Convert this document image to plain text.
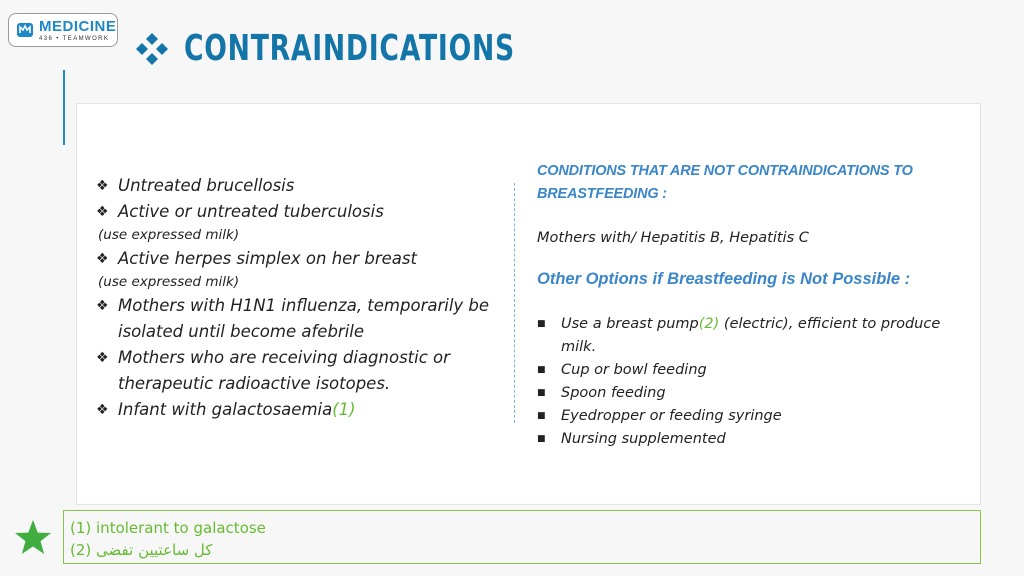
MEDICINE
436 • TEAMWORK CONTRAINDICATIONS
❖ Untreated brucellosis
❖ Active or untreated tuberculosis
(use expressed milk)
❖ Active herpes simplex on her breast
(use expressed milk)
❖ Mothers with H1N1 influenza, temporarily be isolated until become afebrile
❖ Mothers who are receiving diagnostic or therapeutic radioactive isotopes.
❖ Infant with galactosaemia(1)
CONDITIONS THAT ARE NOT CONTRAINDICATIONS TO BREASTFEEDING :
Mothers with/ Hepatitis B, Hepatitis C
Other Options if Breastfeeding is Not Possible :
■	Use a breast pump(2) (electric), efficient to produce milk.
■	Cup or bowl feeding
■	Spoon feeding
■	Eyedropper or feeding syringe
■	Nursing supplemented
(1) intolerant to galactose
(2) كل ساعتيين تفضى
